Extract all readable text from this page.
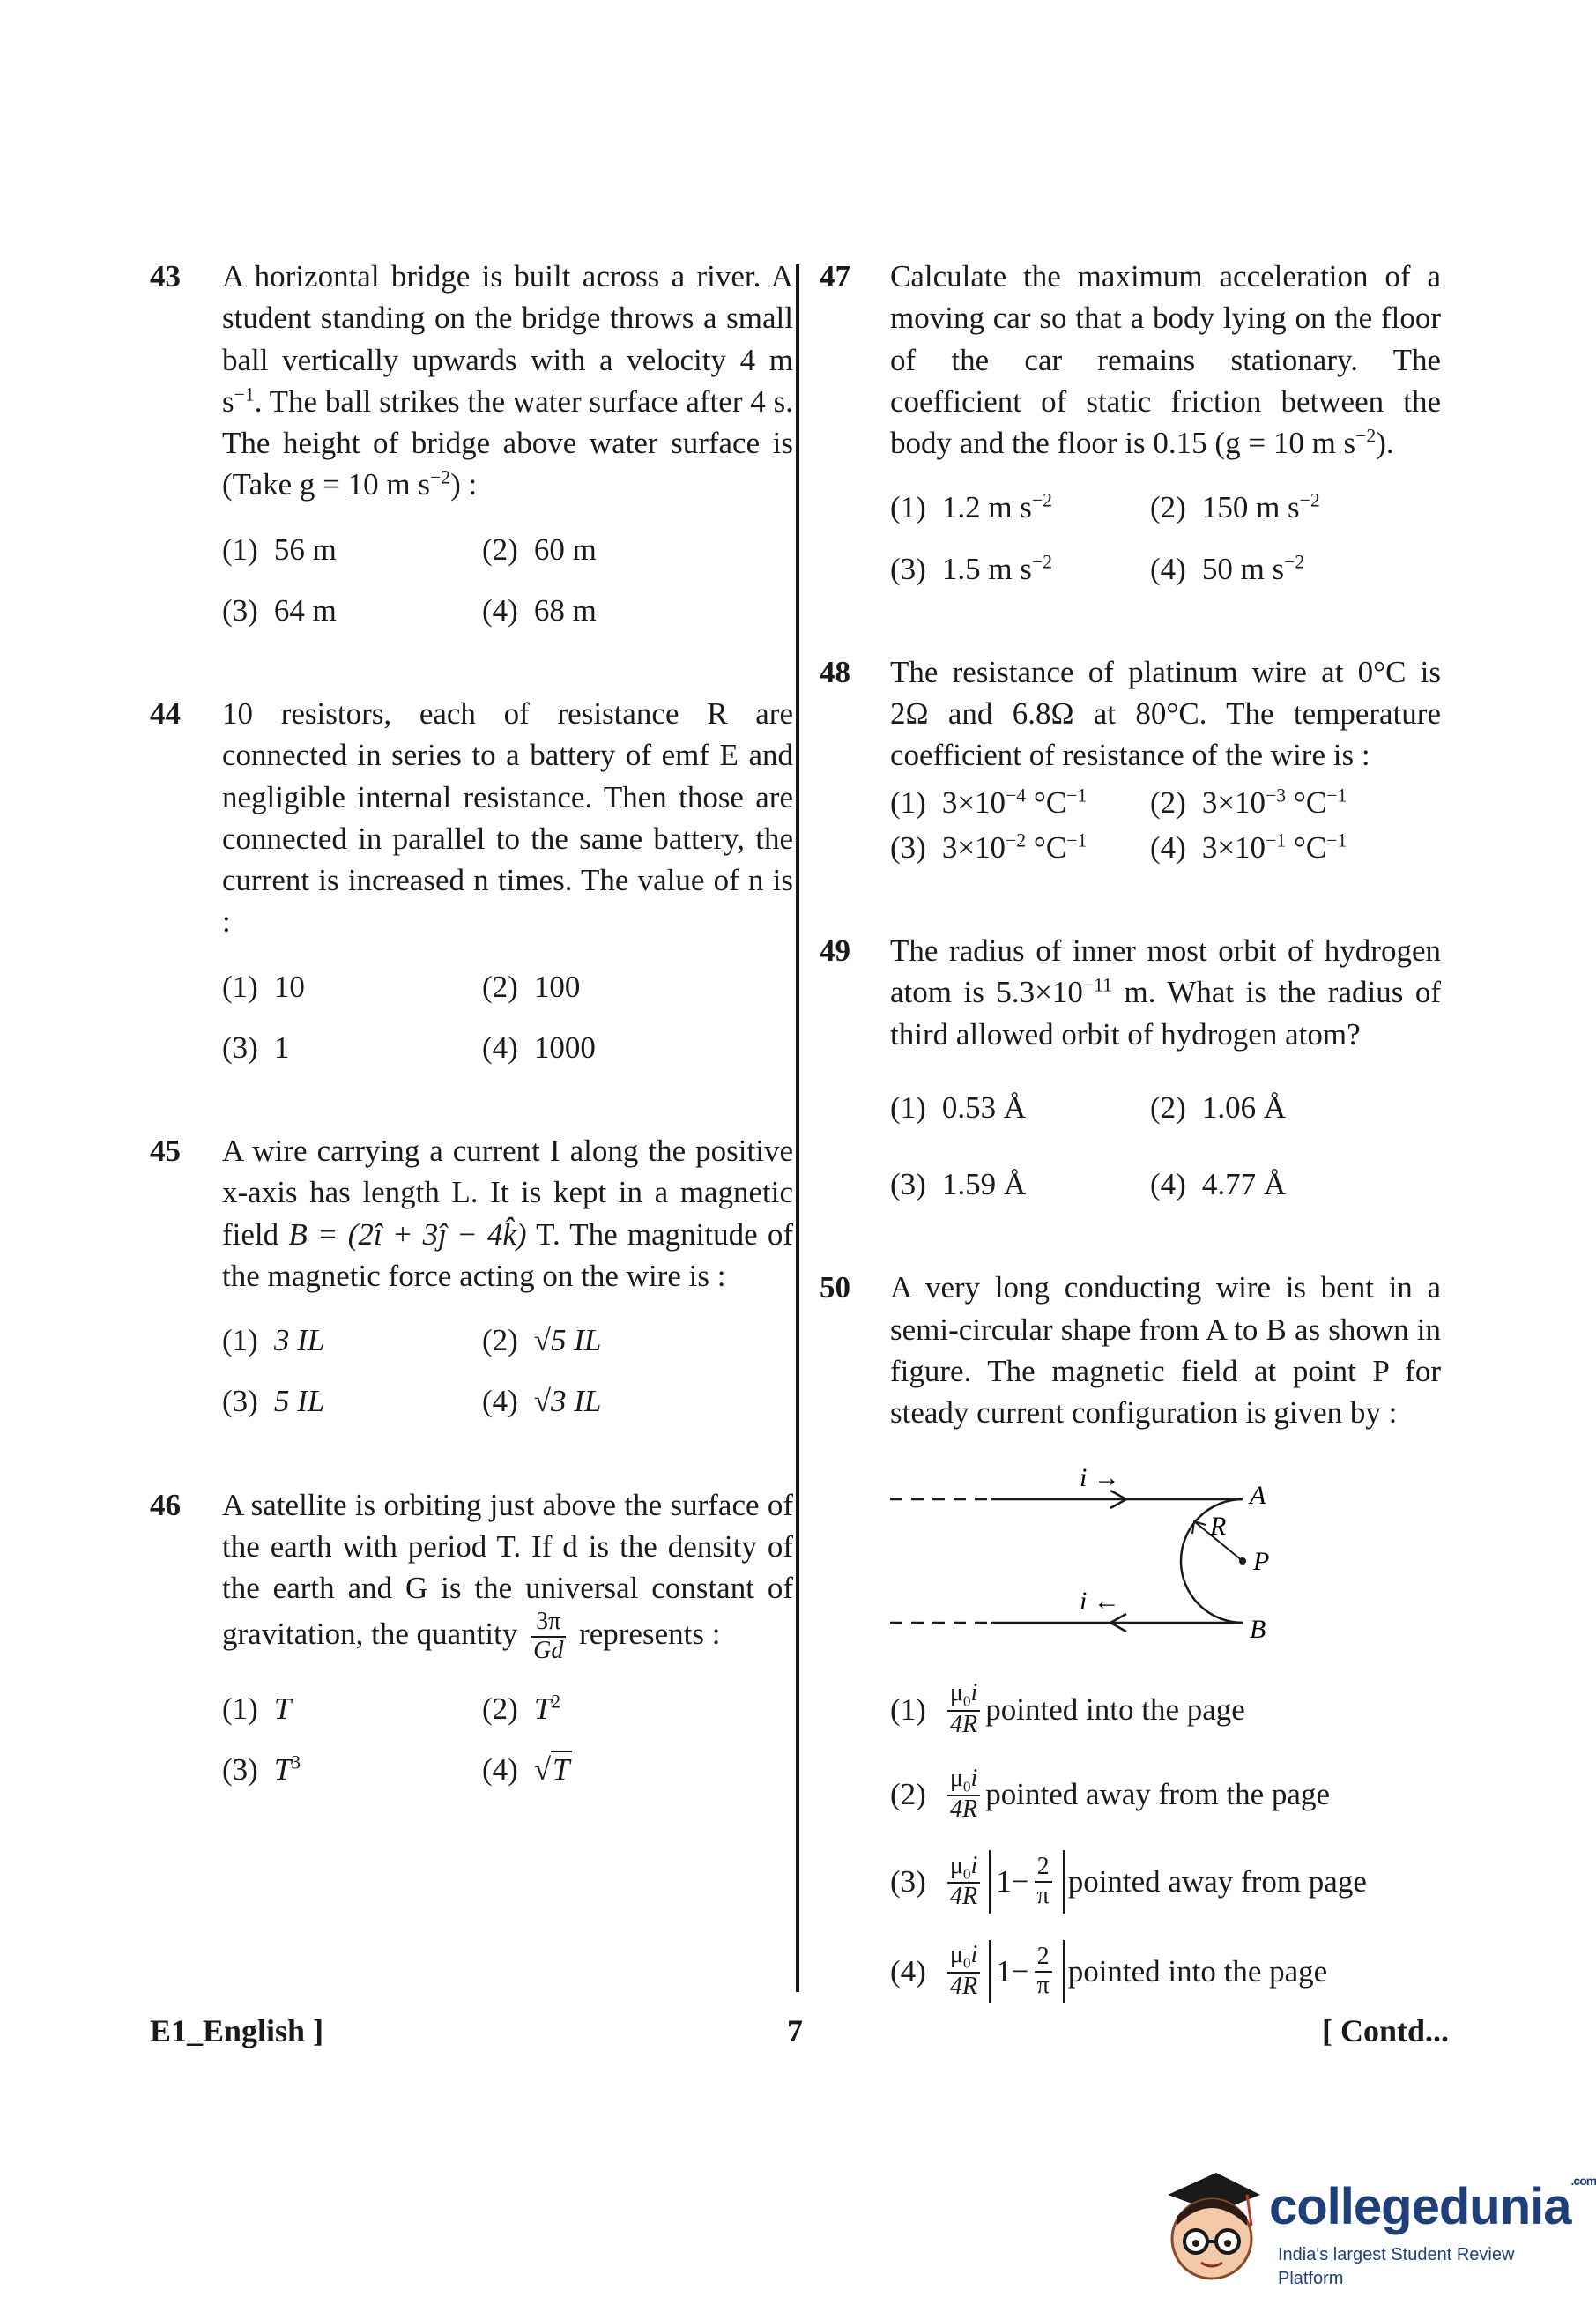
43 A horizontal bridge is built across a river. A student standing on the bridge throws a small ball vertically upwards with a velocity 4 m $s^{-1}$. The ball strikes the water surface after 4 s. The height of bridge above water surface is (Take g = 10 m $s^{-2}$) :
(1) 56 m	(2) 60 m
(3) 64 m	(4) 68 m
44 10 resistors, each of resistance R are connected in series to a battery of emf E and negligible internal resistance. Then those are connected in parallel to the same battery, the current is increased n times. The value of n is :
(1) 10	(2) 100
(3) 1	(4) 1000
45 A wire carrying a current I along the positive x-axis has length L. It is kept in a magnetic field B = (2î + 3ĵ − 4k̂) T. The magnitude of the magnetic force acting on the wire is :
(1) 3 IL	(2) √5 IL
(3) 5 IL	(4) √3 IL
46 A satellite is orbiting just above the surface of the earth with period T. If d is the density of the earth and G is the universal constant of gravitation, the quantity $\frac{3\pi}{Gd}$ represents :
(1) T	(2) $T^2$
(3) $T^3$	(4) √T
47 Calculate the maximum acceleration of a moving car so that a body lying on the floor of the car remains stationary. The coefficient of static friction between the body and the floor is 0.15 (g = 10 m $s^{-2}$).
(1) 1.2 m $s^{-2}$	(2) 150 m $s^{-2}$
(3) 1.5 m $s^{-2}$	(4) 50 m $s^{-2}$
48 The resistance of platinum wire at 0°C is 2Ω and 6.8Ω at 80°C. The temperature coefficient of resistance of the wire is :
(1) $3\times 10^{-4}$ $^\circ C^{-1}$	(2) $3\times 10^{-3}$ $^\circ C^{-1}$
(3) $3\times 10^{-2}$ $^\circ C^{-1}$	(4) $3\times 10^{-1}$ $^\circ C^{-1}$
49 The radius of inner most orbit of hydrogen atom is $5.3\times 10^{-11}$ m. What is the radius of third allowed orbit of hydrogen atom?
(1) 0.53 Å	(2) 1.06 Å
(3) 1.59 Å	(4) 4.77 Å
50 A very long conducting wire is bent in a semi-circular shape from A to B as shown in figure. The magnetic field at point P for steady current configuration is given by :
i →
i ←
A
B
R
P
$(1) \frac{\mu_0i}{4R}$ pointed into the page
$(2) \frac{\mu_0i}{4R}$ pointed away from the page
$(3) \frac{\mu_0i}{4R} 1- \frac{2}{\pi}$ pointed away from page
$(4) \frac{\mu_0i}{4R} 1- \frac{2}{\pi}$ pointed into the page
E1_English ]	7	[ Contd...
collegedunia$^{.com}$
India's largest Student Review Platform
